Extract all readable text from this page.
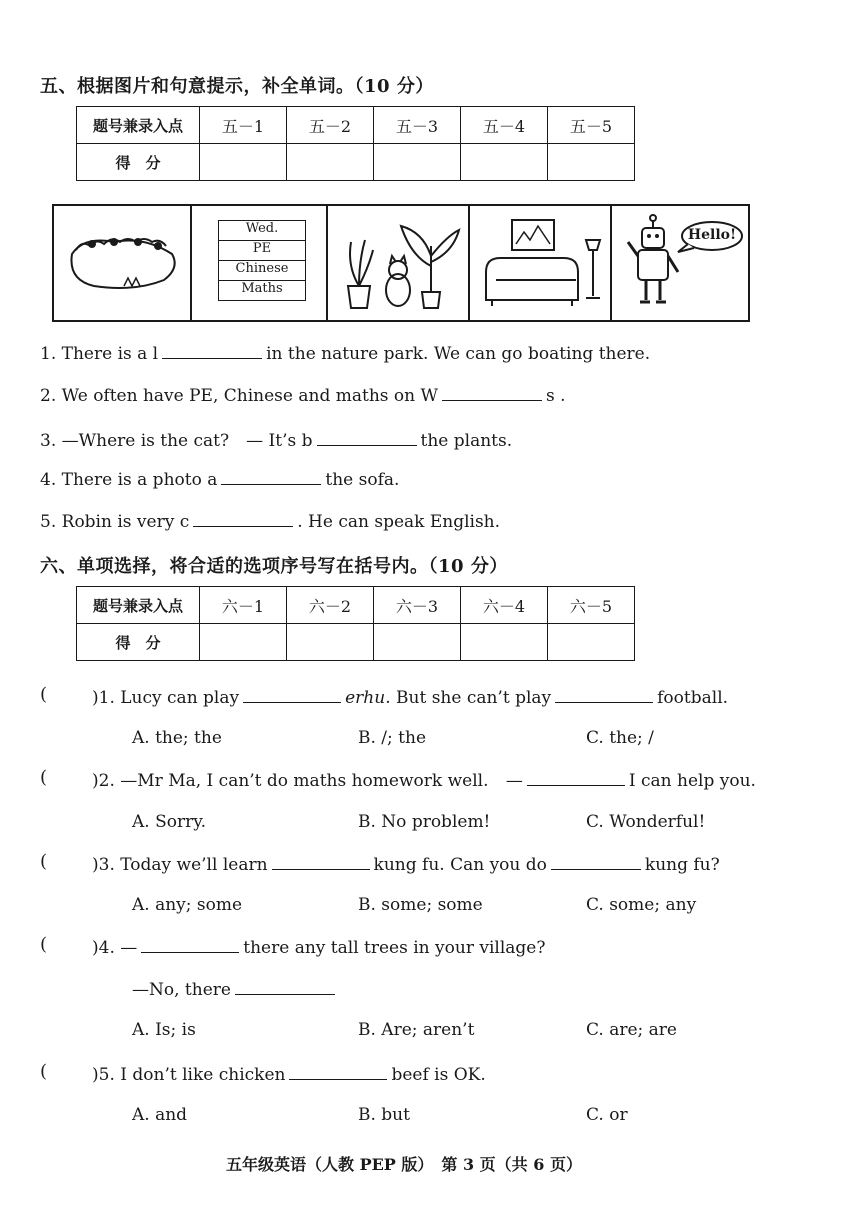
五、根据图片和句意提示，补全单词。（10 分）
题号兼录入点	五－1	五－2	五－3	五－4	五－5
得　分					
Wed.
PE
Chinese
Maths
Hello!
1. There is a l	in the nature park. We can go boating there.
2. We often have PE, Chinese and maths on W	s .
3. —Where is the cat?　— It’s b	the plants.
4. There is a photo a	the sofa.
5. Robin is very c	. He can speak English.
六、单项选择，将合适的选项序号写在括号内。（10 分）
题号兼录入点	六－1	六－2	六－3	六－4	六－5
得　分					
(	)1. Lucy can play	erhu. But she can’t play	football.
A. the; the	B. /; the	C. the; /
(	)2. —Mr Ma, I can’t do maths homework well. —	I can help you.
A. Sorry.	B. No problem!	C. Wonderful!
(	)3. Today we’ll learn	kung fu. Can you do	kung fu?
A. any; some	B. some; some	C. some; any
(	)4. —	there any tall trees in your village?
—No, there
A. Is; is	B. Are; aren’t	C. are; are
(	)5. I don’t like chicken	beef is OK.
A. and	B. but	C. or
五年级英语（人教 PEP 版）　第 3 页（共 6 页）
